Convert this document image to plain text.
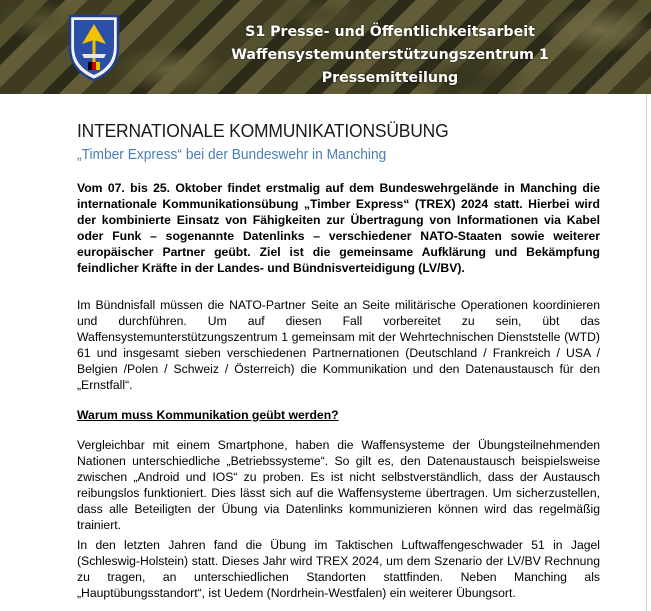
S1 Presse- und Öffentlichkeitsarbeit
Waffensystemunterstützungszentrum 1
Pressemitteilung
INTERNATIONALE KOMMUNIKATIONSÜBUNG
„Timber Express“ bei der Bundeswehr in Manching
Vom 07. bis 25. Oktober findet erstmalig auf dem Bundeswehrgelände in Manching die internationale Kommunikationsübung „Timber Express“ (TREX) 2024 statt. Hierbei wird der kombinierte Einsatz von Fähigkeiten zur Übertragung von Informationen via Kabel oder Funk – sogenannte Datenlinks – verschiedener NATO-Staaten sowie weiterer europäischer Partner geübt. Ziel ist die gemeinsame Aufklärung und Bekämpfung feindlicher Kräfte in der Landes- und Bündnisverteidigung (LV/BV).
Im Bündnisfall müssen die NATO-Partner Seite an Seite militärische Operationen koordinieren und durchführen. Um auf diesen Fall vorbereitet zu sein, übt das Waffensystemunterstützungszentrum 1 gemeinsam mit der Wehrtechnischen Dienststelle (WTD) 61 und insgesamt sieben verschiedenen Partnernationen (Deutschland / Frankreich / USA / Belgien /Polen / Schweiz / Österreich) die Kommunikation und den Datenaustausch für den „Ernstfall“.
Warum muss Kommunikation geübt werden?
Vergleichbar mit einem Smartphone, haben die Waffensysteme der Übungsteilnehmenden Nationen unterschiedliche „Betriebssysteme“. So gilt es, den Datenaustausch beispielsweise zwischen „Android und IOS“ zu proben. Es ist nicht selbstverständlich, dass der Austausch reibungslos funktioniert. Dies lässt sich auf die Waffensysteme übertragen. Um sicherzustellen, dass alle Beteiligten der Übung via Datenlinks kommunizieren können wird das regelmäßig trainiert.
In den letzten Jahren fand die Übung im Taktischen Luftwaffengeschwader 51 in Jagel (Schleswig-Holstein) statt. Dieses Jahr wird TREX 2024, um dem Szenario der LV/BV Rechnung zu tragen, an unterschiedlichen Standorten stattfinden. Neben Manching als „Hauptübungsstandort“, ist Uedem (Nordrhein-Westfalen) ein weiterer Übungsort.
